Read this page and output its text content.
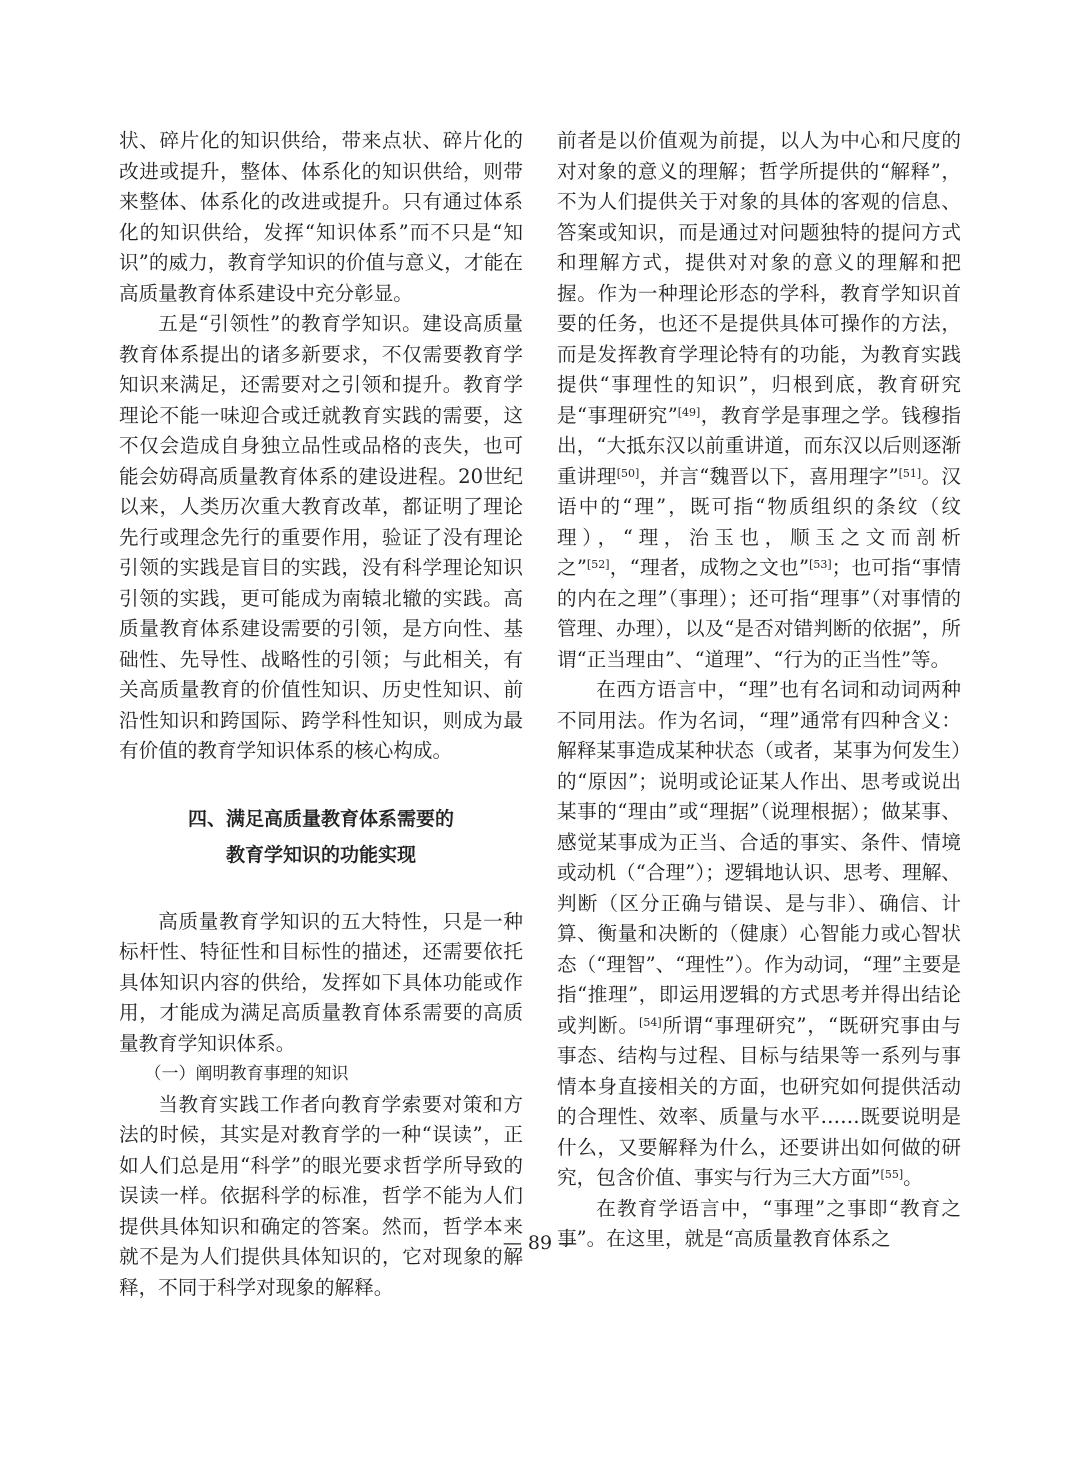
状、碎片化的知识供给，带来点状、碎片化的改进或提升，整体、体系化的知识供给，则带来整体、体系化的改进或提升。只有通过体系化的知识供给，发挥“知识体系”而不只是“知识”的威力，教育学知识的价值与意义，才能在高质量教育体系建设中充分彰显。

五是“引领性”的教育学知识。建设高质量教育体系提出的诸多新要求，不仅需要教育学知识来满足，还需要对之引领和提升。教育学理论不能一味迎合或迁就教育实践的需要，这不仅会造成自身独立品性或品格的丧失，也可能会妨碍高质量教育体系的建设进程。20世纪以来，人类历次重大教育改革，都证明了理论先行或理念先行的重要作用，验证了没有理论引领的实践是盲目的实践，没有科学理论知识引领的实践，更可能成为南辕北辙的实践。高质量教育体系建设需要的引领，是方向性、基础性、先导性、战略性的引领；与此相关，有关高质量教育的价值性知识、历史性知识、前沿性知识和跨国际、跨学科性知识，则成为最有价值的教育学知识体系的核心构成。

四、满足高质量教育体系需要的
教育学知识的功能实现

高质量教育学知识的五大特性，只是一种标杆性、特征性和目标性的描述，还需要依托具体知识内容的供给，发挥如下具体功能或作用，才能成为满足高质量教育体系需要的高质量教育学知识体系。

（一）阐明教育事理的知识

当教育实践工作者向教育学索要对策和方法的时候，其实是对教育学的一种“误读”，正如人们总是用“科学”的眼光要求哲学所导致的误读一样。依据科学的标准，哲学不能为人们提供具体知识和确定的答案。然而，哲学本来就不是为人们提供具体知识的，它对现象的解释，不同于科学对现象的解释。

前者是以价值观为前提，以人为中心和尺度的对对象的意义的理解；哲学所提供的“解释”，不为人们提供关于对象的具体的客观的信息、答案或知识，而是通过对问题独特的提问方式和理解方式，提供对对象的意义的理解和把握。作为一种理论形态的学科，教育学知识首要的任务，也还不是提供具体可操作的方法，而是发挥教育学理论特有的功能，为教育实践提供“事理性的知识”，归根到底，教育研究是“事理研究”[49]，教育学是事理之学。钱穆指出，“大抵东汉以前重讲道，而东汉以后则逐渐重讲理[50]，并言“魏晋以下，喜用理字”[51]。汉语中的“理”，既可指“物质组织的条纹（纹理），“理，治玉也，顺玉之文而剖析之”[52]，“理者，成物之文也”[53]；也可指“事情的内在之理”（事理）；还可指“理事”（对事情的管理、办理），以及“是否对错判断的依据”，所谓“正当理由”、“道理”、“行为的正当性”等。

在西方语言中，“理”也有名词和动词两种不同用法。作为名词，“理”通常有四种含义：解释某事造成某种状态（或者，某事为何发生）的“原因”；说明或论证某人作出、思考或说出某事的“理由”或“理据”（说理根据）；做某事、感觉某事成为正当、合适的事实、条件、情境或动机（“合理”）；逻辑地认识、思考、理解、判断（区分正确与错误、是与非）、确信、计算、衡量和决断的（健康）心智能力或心智状态（“理智”、“理性”）。作为动词，“理”主要是指“推理”，即运用逻辑的方式思考并得出结论或判断。[54]所谓“事理研究”，“既研究事由与事态、结构与过程、目标与结果等一系列与事情本身直接相关的方面，也研究如何提供活动的合理性、效率、质量与水平……既要说明是什么，又要解释为什么，还要讲出如何做的研究，包含价值、事实与行为三大方面”[55]。

在教育学语言中，“事理”之事即“教育之事”。在这里，就是“高质量教育体系之

— 89 —
